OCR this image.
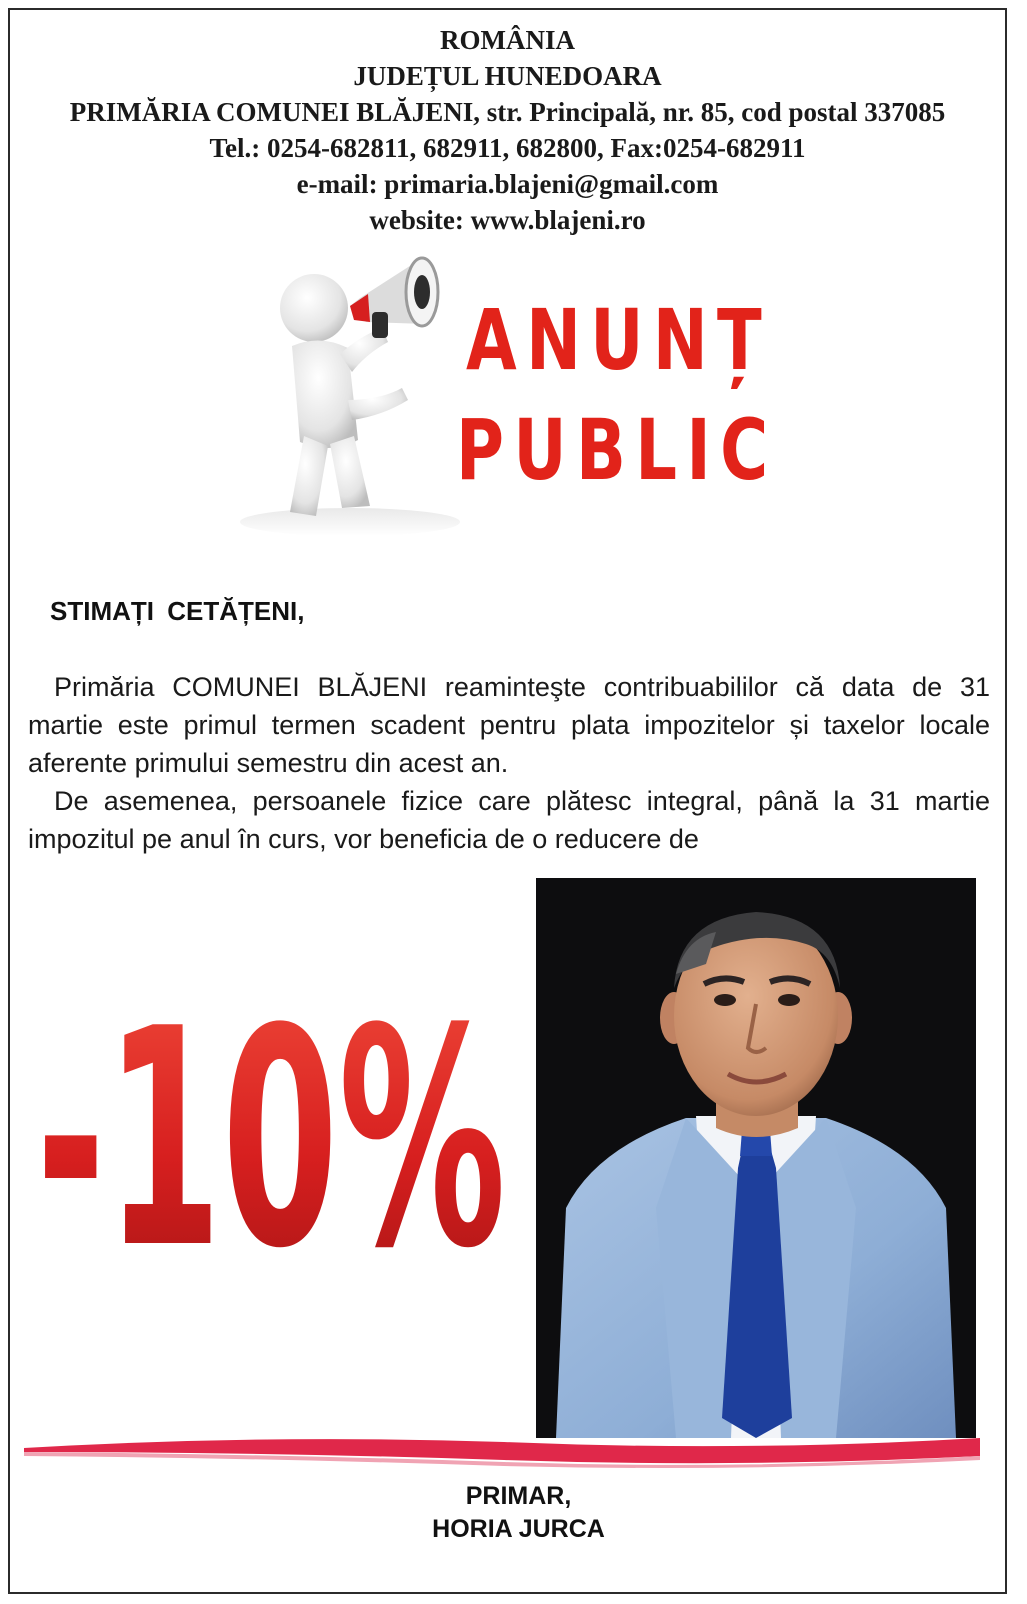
ROMÂNIA
JUDEȚUL HUNEDOARA
PRIMĂRIA COMUNEI BLĂJENI, str. Principală, nr. 85, cod postal 337085
Tel.: 0254-682811, 682911, 682800, Fax:0254-682911
e-mail: primaria.blajeni@gmail.com
website: www.blajeni.ro
ANUNȚ
PUBLIC
STIMAȚI CETĂȚENI,

Primăria COMUNEI BLĂJENI reaminteşte contribuabililor că data de 31 martie este primul termen scadent pentru plata impozitelor și taxelor locale aferente primului semestru din acest an.

De asemenea, persoanele fizice care plătesc integral, până la 31 martie impozitul pe anul în curs, vor beneficia de o reducere de

-10%
PRIMAR,
HORIA JURCA
